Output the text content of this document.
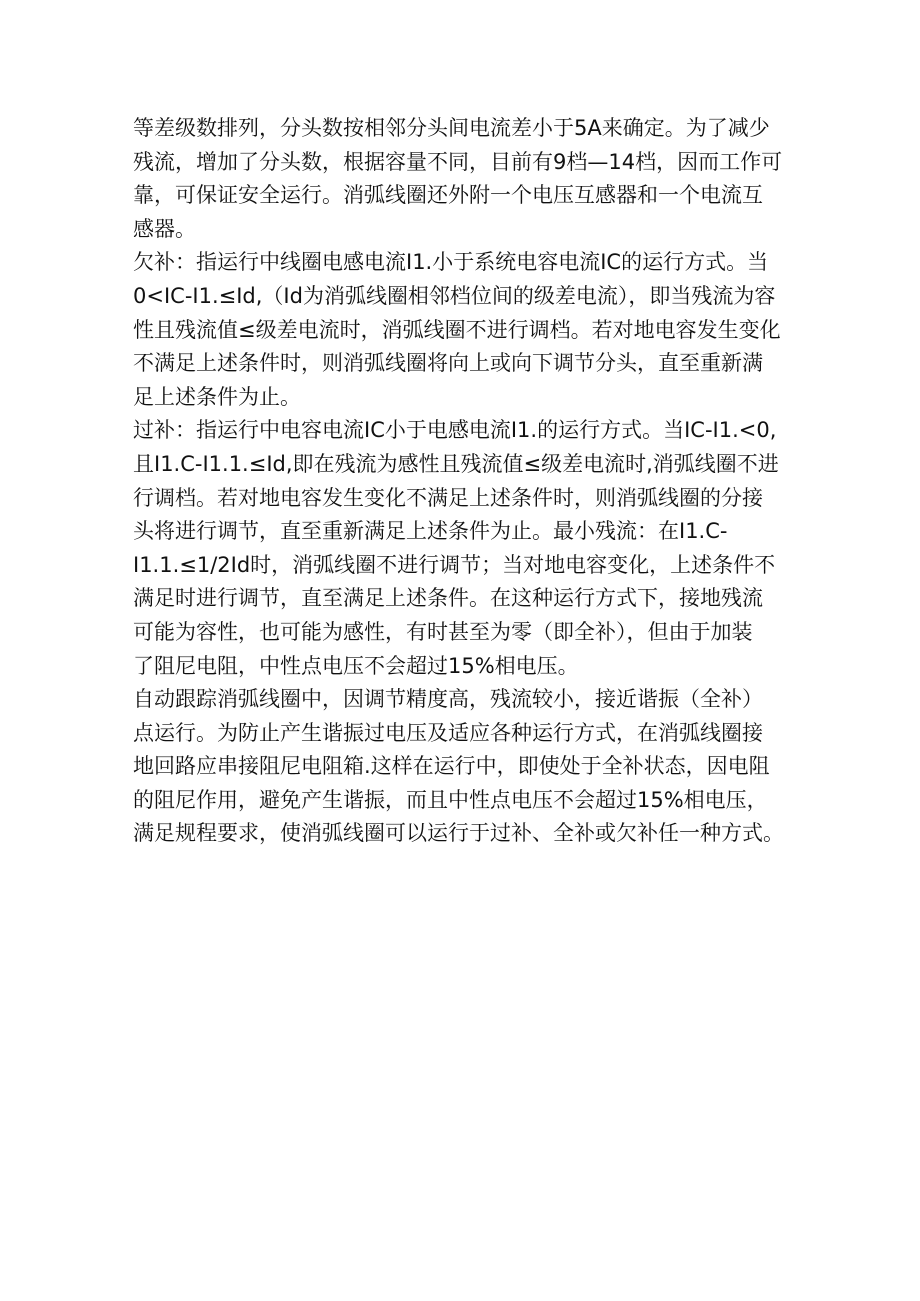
等差级数排列，分头数按相邻分头间电流差小于5A来确定。为了减少
残流，增加了分头数，根据容量不同，目前有9档—14档，因而工作可
靠，可保证安全运行。消弧线圈还外附一个电压互感器和一个电流互
感器。

欠补：指运行中线圈电感电流I1.小于系统电容电流IC的运行方式。当
0<IC-I1.≤Id,（Id为消弧线圈相邻档位间的级差电流），即当残流为容
性且残流值≤级差电流时，消弧线圈不进行调档。若对地电容发生变化
不满足上述条件时，则消弧线圈将向上或向下调节分头，直至重新满
足上述条件为止。

过补：指运行中电容电流IC小于电感电流I1.的运行方式。当IC-I1.<0,
且I1.C-I1.1.≤Id,即在残流为感性且残流值≤级差电流时,消弧线圈不进
行调档。若对地电容发生变化不满足上述条件时，则消弧线圈的分接
头将进行调节，直至重新满足上述条件为止。最小残流：在I1.C-
I1.1.≤1/2Id时，消弧线圈不进行调节；当对地电容变化，上述条件不
满足时进行调节，直至满足上述条件。在这种运行方式下，接地残流
可能为容性，也可能为感性，有时甚至为零（即全补），但由于加装
了阻尼电阻，中性点电压不会超过15%相电压。

自动跟踪消弧线圈中，因调节精度高，残流较小，接近谐振（全补）
点运行。为防止产生谐振过电压及适应各种运行方式，在消弧线圈接
地回路应串接阻尼电阻箱.这样在运行中，即使处于全补状态，因电阻
的阻尼作用，避免产生谐振，而且中性点电压不会超过15%相电压，
满足规程要求，使消弧线圈可以运行于过补、全补或欠补任一种方式。
